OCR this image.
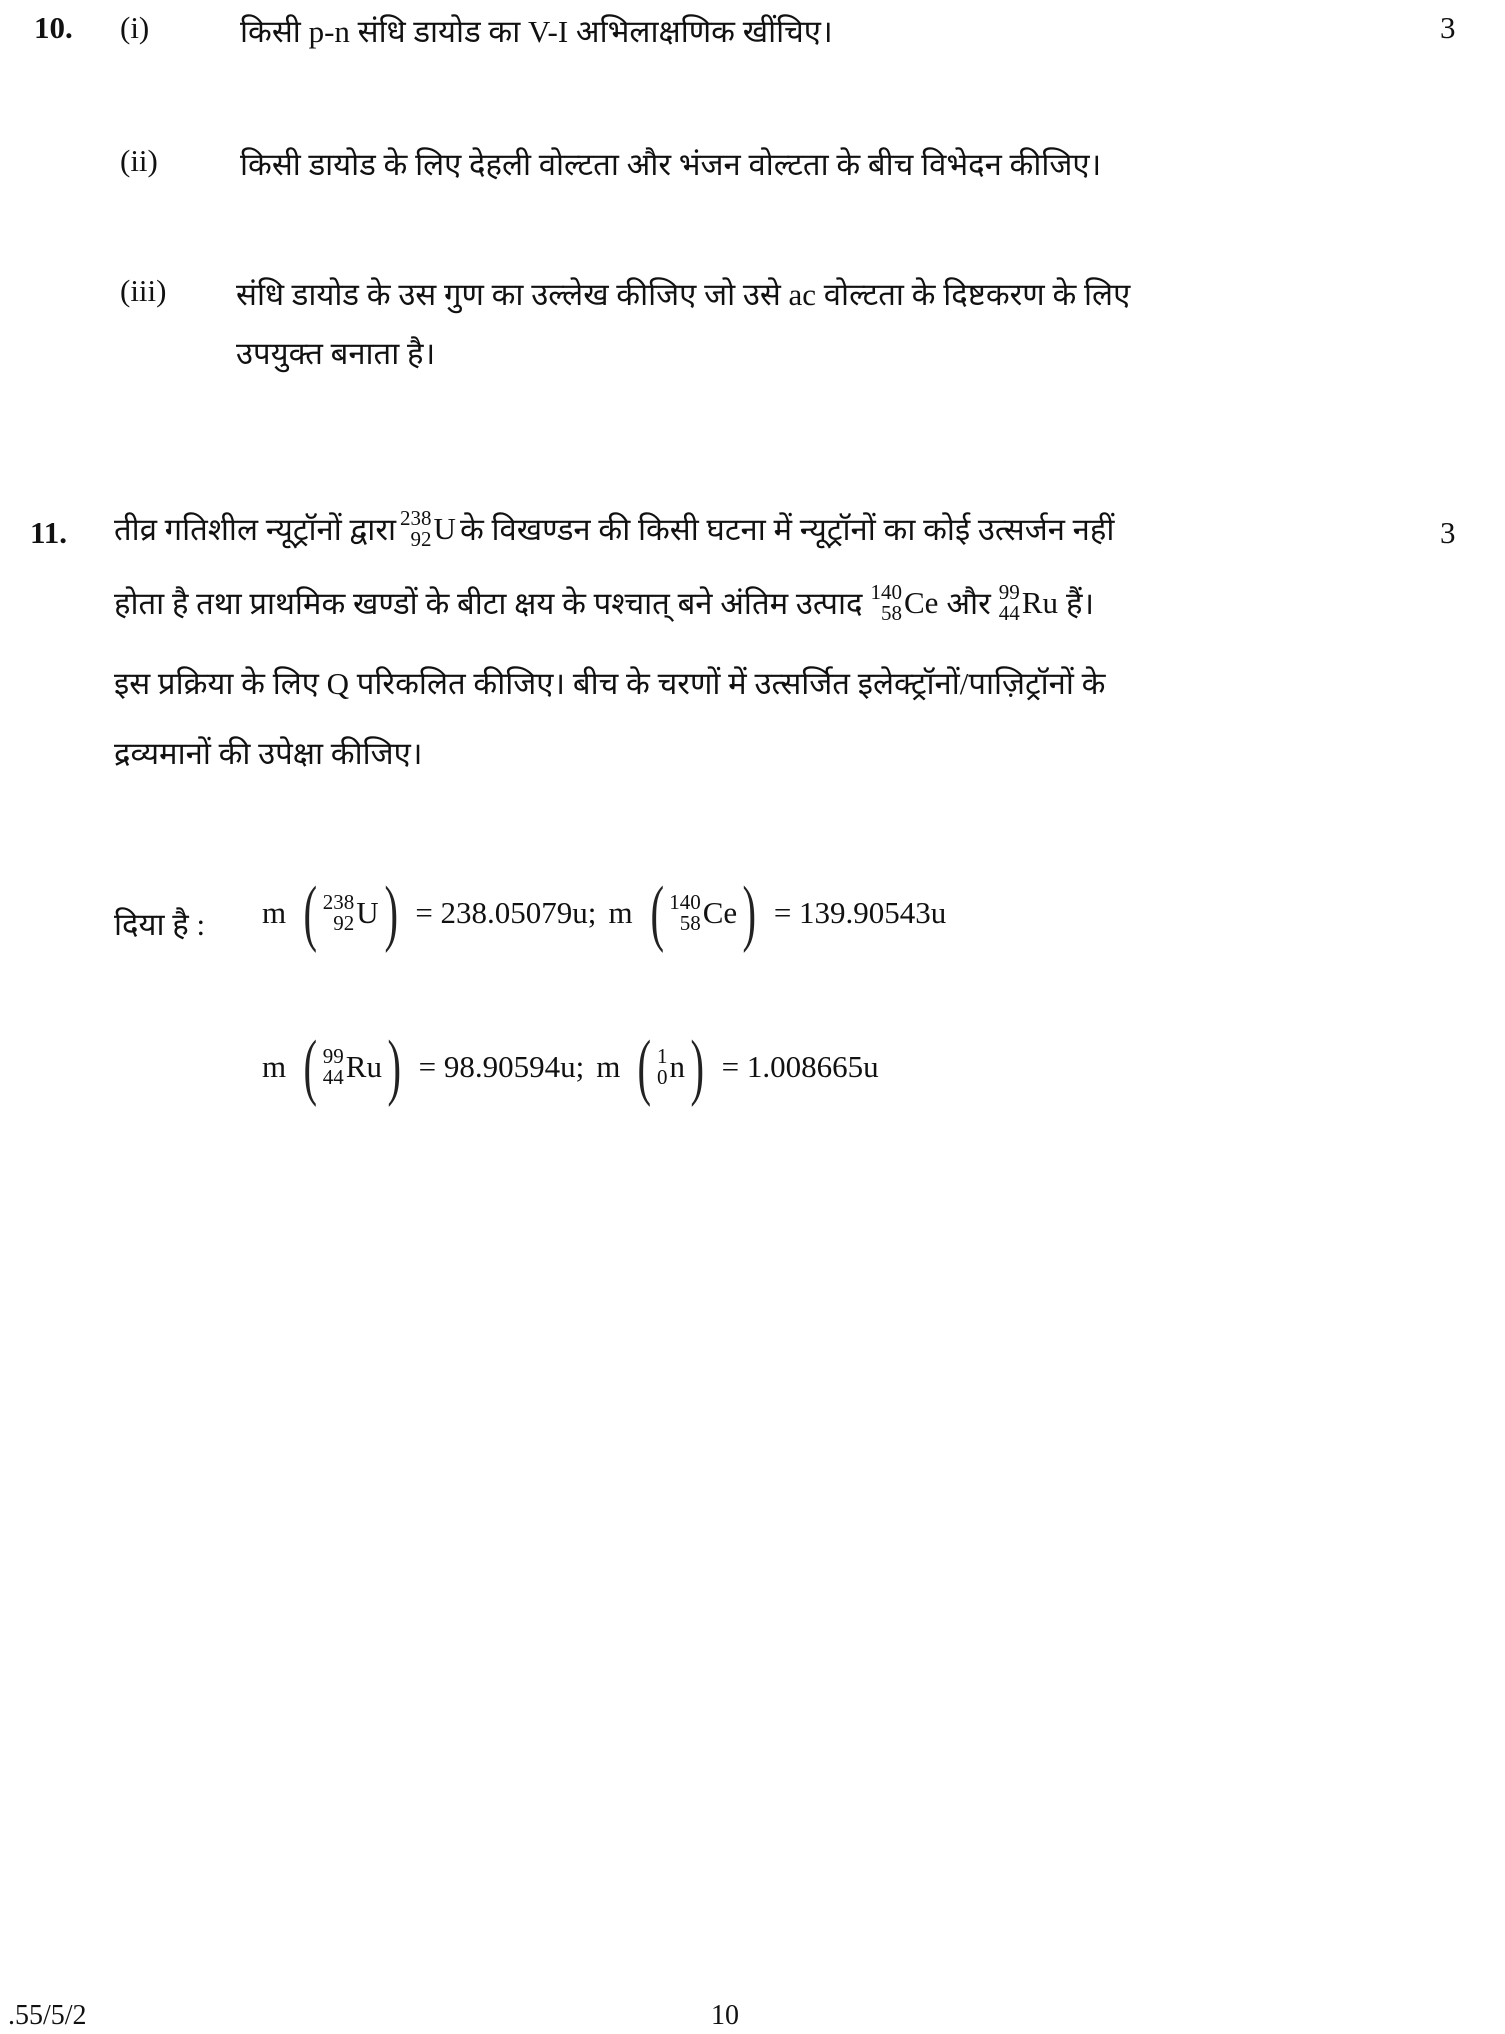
10.	3
(i)	किसी p-n संधि डायोड का V-I अभिलाक्षणिक खींचिए।
(ii)	किसी डायोड के लिए देहली वोल्टता और भंजन वोल्टता के बीच विभेदन कीजिए।
(iii) संधि डायोड के उस गुण का उल्लेख कीजिए जो उसे ac वोल्टता के दिष्टकरण के लिए
उपयुक्त बनाता है।
11.	3
तीव्र गतिशील न्यूट्रॉनों द्वारा 238
92 U के विखण्डन की किसी घटना में न्यूट्रॉनों का कोई उत्सर्जन नहीं
होता है तथा प्राथमिक खण्डों के बीटा क्षय के पश्चात् बने अंतिम उत्पाद 140
58 Ce और 99
44 Ru हैं।
इस प्रक्रिया के लिए Q परिकलित कीजिए। बीच के चरणों में उत्सर्जित इलेक्ट्रॉनों/पाज़िट्रॉनों के
द्रव्यमानों की उपेक्षा कीजिए।
दिया है : m ( 238
92 U ) = 238.05079u; m ( 140
58 Ce ) = 139.90543u
m ( 99
44 Ru ) = 98.90594u; m ( 1
0 n ) = 1.008665u
.55/5/2	10
